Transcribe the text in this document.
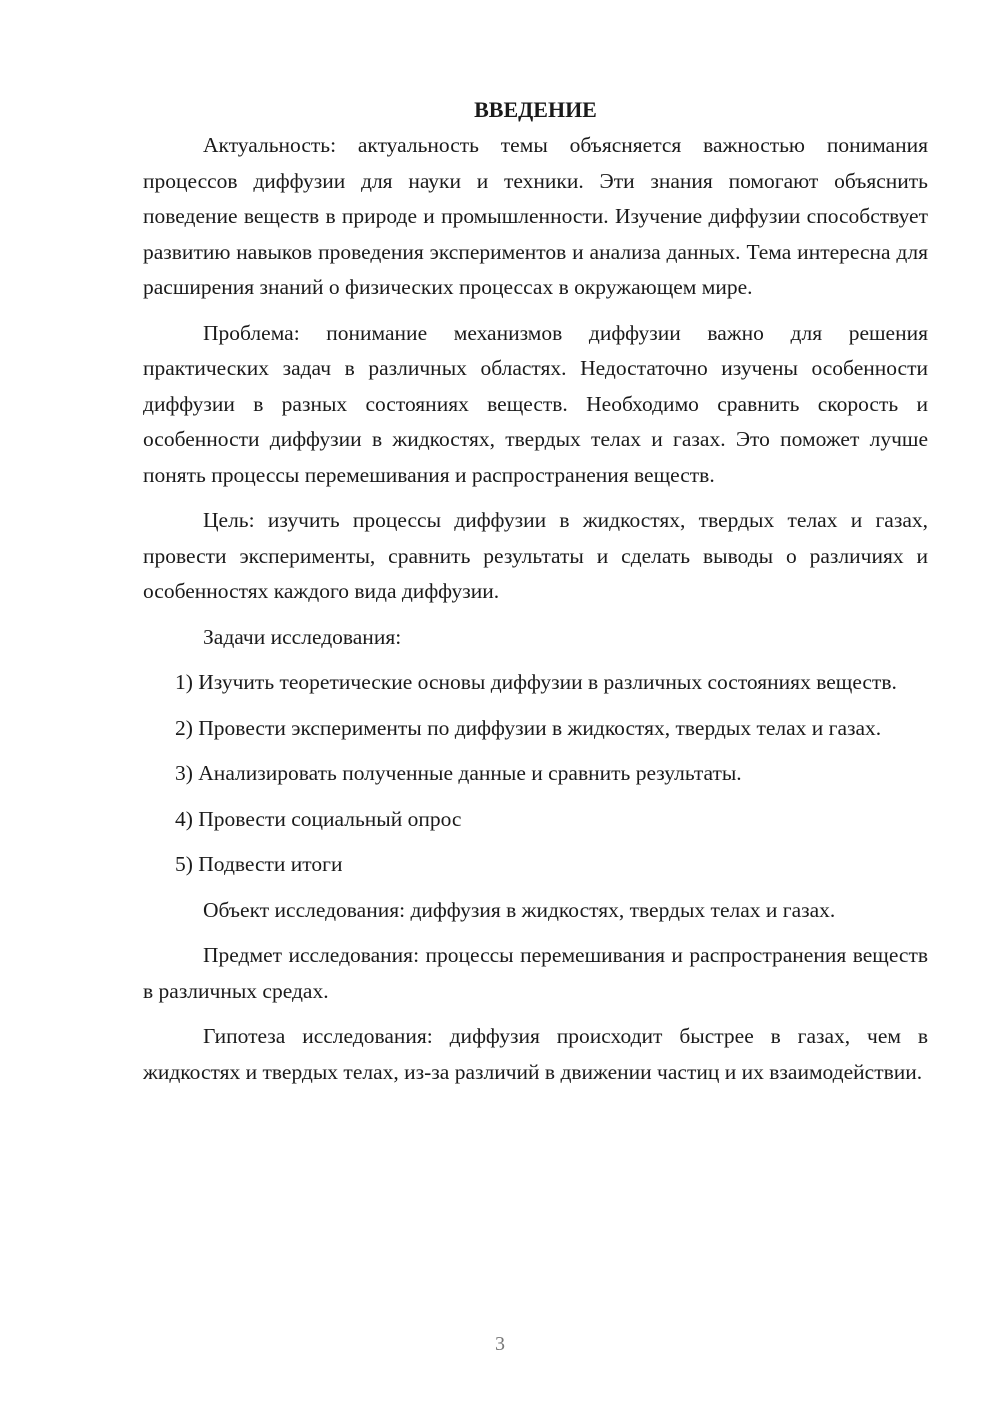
ВВЕДЕНИЕ

Актуальность: актуальность темы объясняется важностью понимания процессов диффузии для науки и техники. Эти знания помогают объяснить поведение веществ в природе и промышленности. Изучение диффузии способствует развитию навыков проведения экспериментов и анализа данных. Тема интересна для расширения знаний о физических процессах в окружающем мире.

Проблема: понимание механизмов диффузии важно для решения практических задач в различных областях. Недостаточно изучены особенности диффузии в разных состояниях веществ. Необходимо сравнить скорость и особенности диффузии в жидкостях, твердых телах и газах. Это поможет лучше понять процессы перемешивания и распространения веществ.

Цель: изучить процессы диффузии в жидкостях, твердых телах и газах, провести эксперименты, сравнить результаты и сделать выводы о различиях и особенностях каждого вида диффузии.

Задачи исследования:

1) Изучить теоретические основы диффузии в различных состояниях веществ.

2) Провести эксперименты по диффузии в жидкостях, твердых телах и газах.

3) Анализировать полученные данные и сравнить результаты.

4) Провести социальный опрос

5) Подвести итоги

Объект исследования: диффузия в жидкостях, твердых телах и газах.

Предмет исследования: процессы перемешивания и распространения веществ в различных средах.

Гипотеза исследования: диффузия происходит быстрее в газах, чем в жидкостях и твердых телах, из-за различий в движении частиц и их взаимодействии.

3
